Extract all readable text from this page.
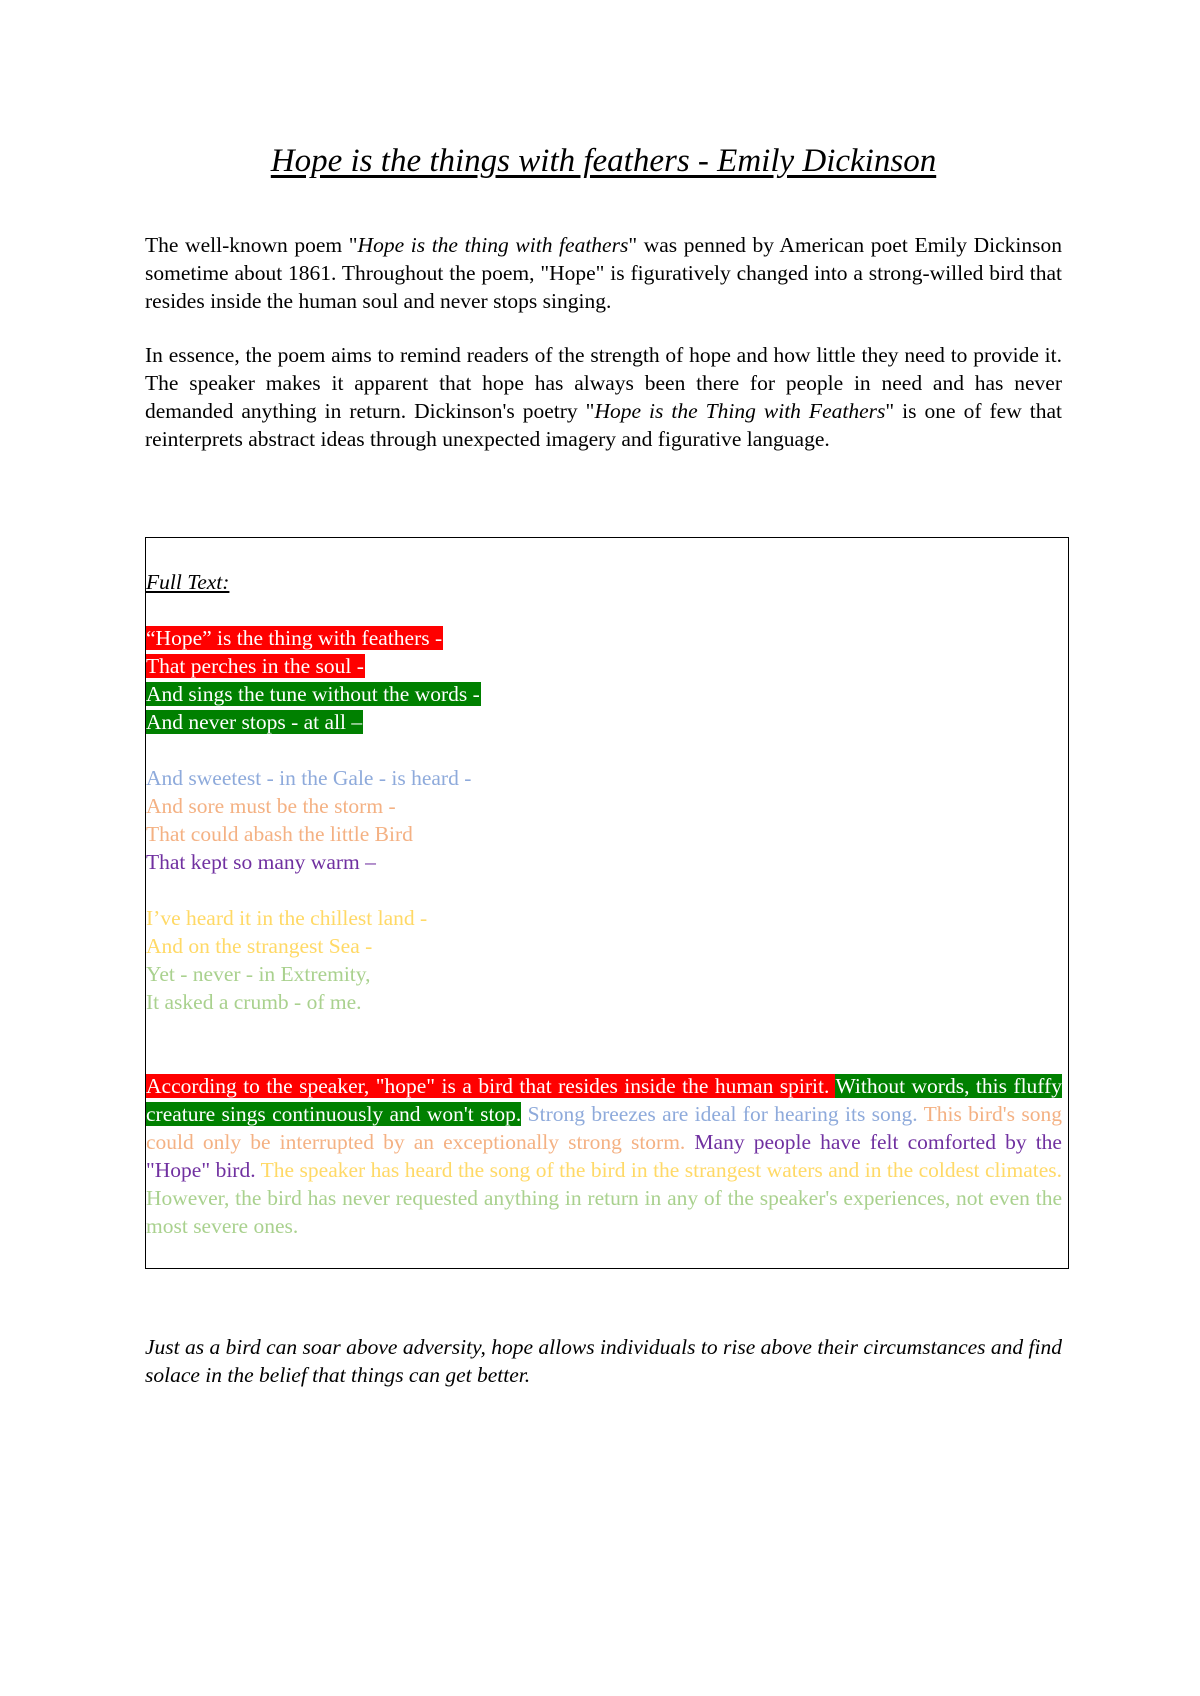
Hope is the things with feathers - Emily Dickinson

The well-known poem "Hope is the thing with feathers" was penned by American poet Emily Dickinson sometime about 1861. Throughout the poem, "Hope" is figuratively changed into a strong-willed bird that resides inside the human soul and never stops singing.

In essence, the poem aims to remind readers of the strength of hope and how little they need to provide it. The speaker makes it apparent that hope has always been there for people in need and has never demanded anything in return. Dickinson's poetry "Hope is the Thing with Feathers" is one of few that reinterprets abstract ideas through unexpected imagery and figurative language.

Full Text:

“Hope” is the thing with feathers -
That perches in the soul -
And sings the tune without the words -
And never stops - at all –
And sweetest - in the Gale - is heard -
And sore must be the storm -
That could abash the little Bird
That kept so many warm –
I’ve heard it in the chillest land -
And on the strangest Sea -
Yet - never - in Extremity,
It asked a crumb - of me.

According to the speaker, "hope" is a bird that resides inside the human spirit. Without words, this fluffy creature sings continuously and won't stop. Strong breezes are ideal for hearing its song. This bird's song could only be interrupted by an exceptionally strong storm. Many people have felt comforted by the "Hope" bird. The speaker has heard the song of the bird in the strangest waters and in the coldest climates. However, the bird has never requested anything in return in any of the speaker's experiences, not even the most severe ones.

Just as a bird can soar above adversity, hope allows individuals to rise above their circumstances and find solace in the belief that things can get better.
